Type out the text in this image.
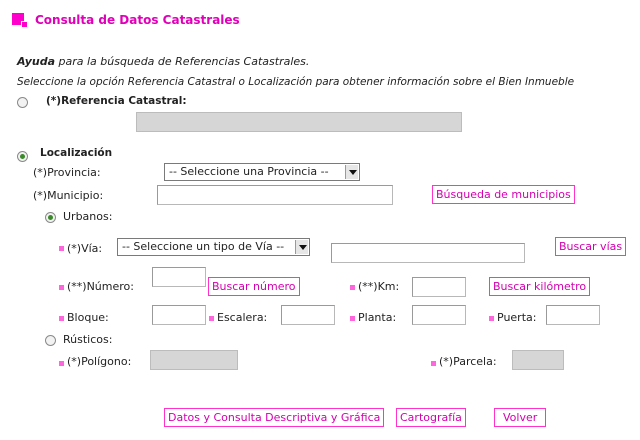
Consulta de Datos Catastrales
Ayuda para la búsqueda de Referencias Catastrales.
Seleccione la opción Referencia Catastral o Localización para obtener información sobre el Bien Inmueble
(*)Referencia Catastral:
Localización
(*)Provincia:	-- Seleccione una Provincia --
(*)Municipio:	Búsqueda de municipios
Urbanos:
(*)Vía:	-- Seleccione un tipo de Vía --	Buscar vías
(**)Número:	Buscar número	(**)Km:	Buscar kilómetro
Bloque:	Escalera:	Planta:	Puerta:
Rústicos:
(*)Polígono:	(*)Parcela:
Datos y Consulta Descriptiva y Gráfica	Cartografía	Volver
